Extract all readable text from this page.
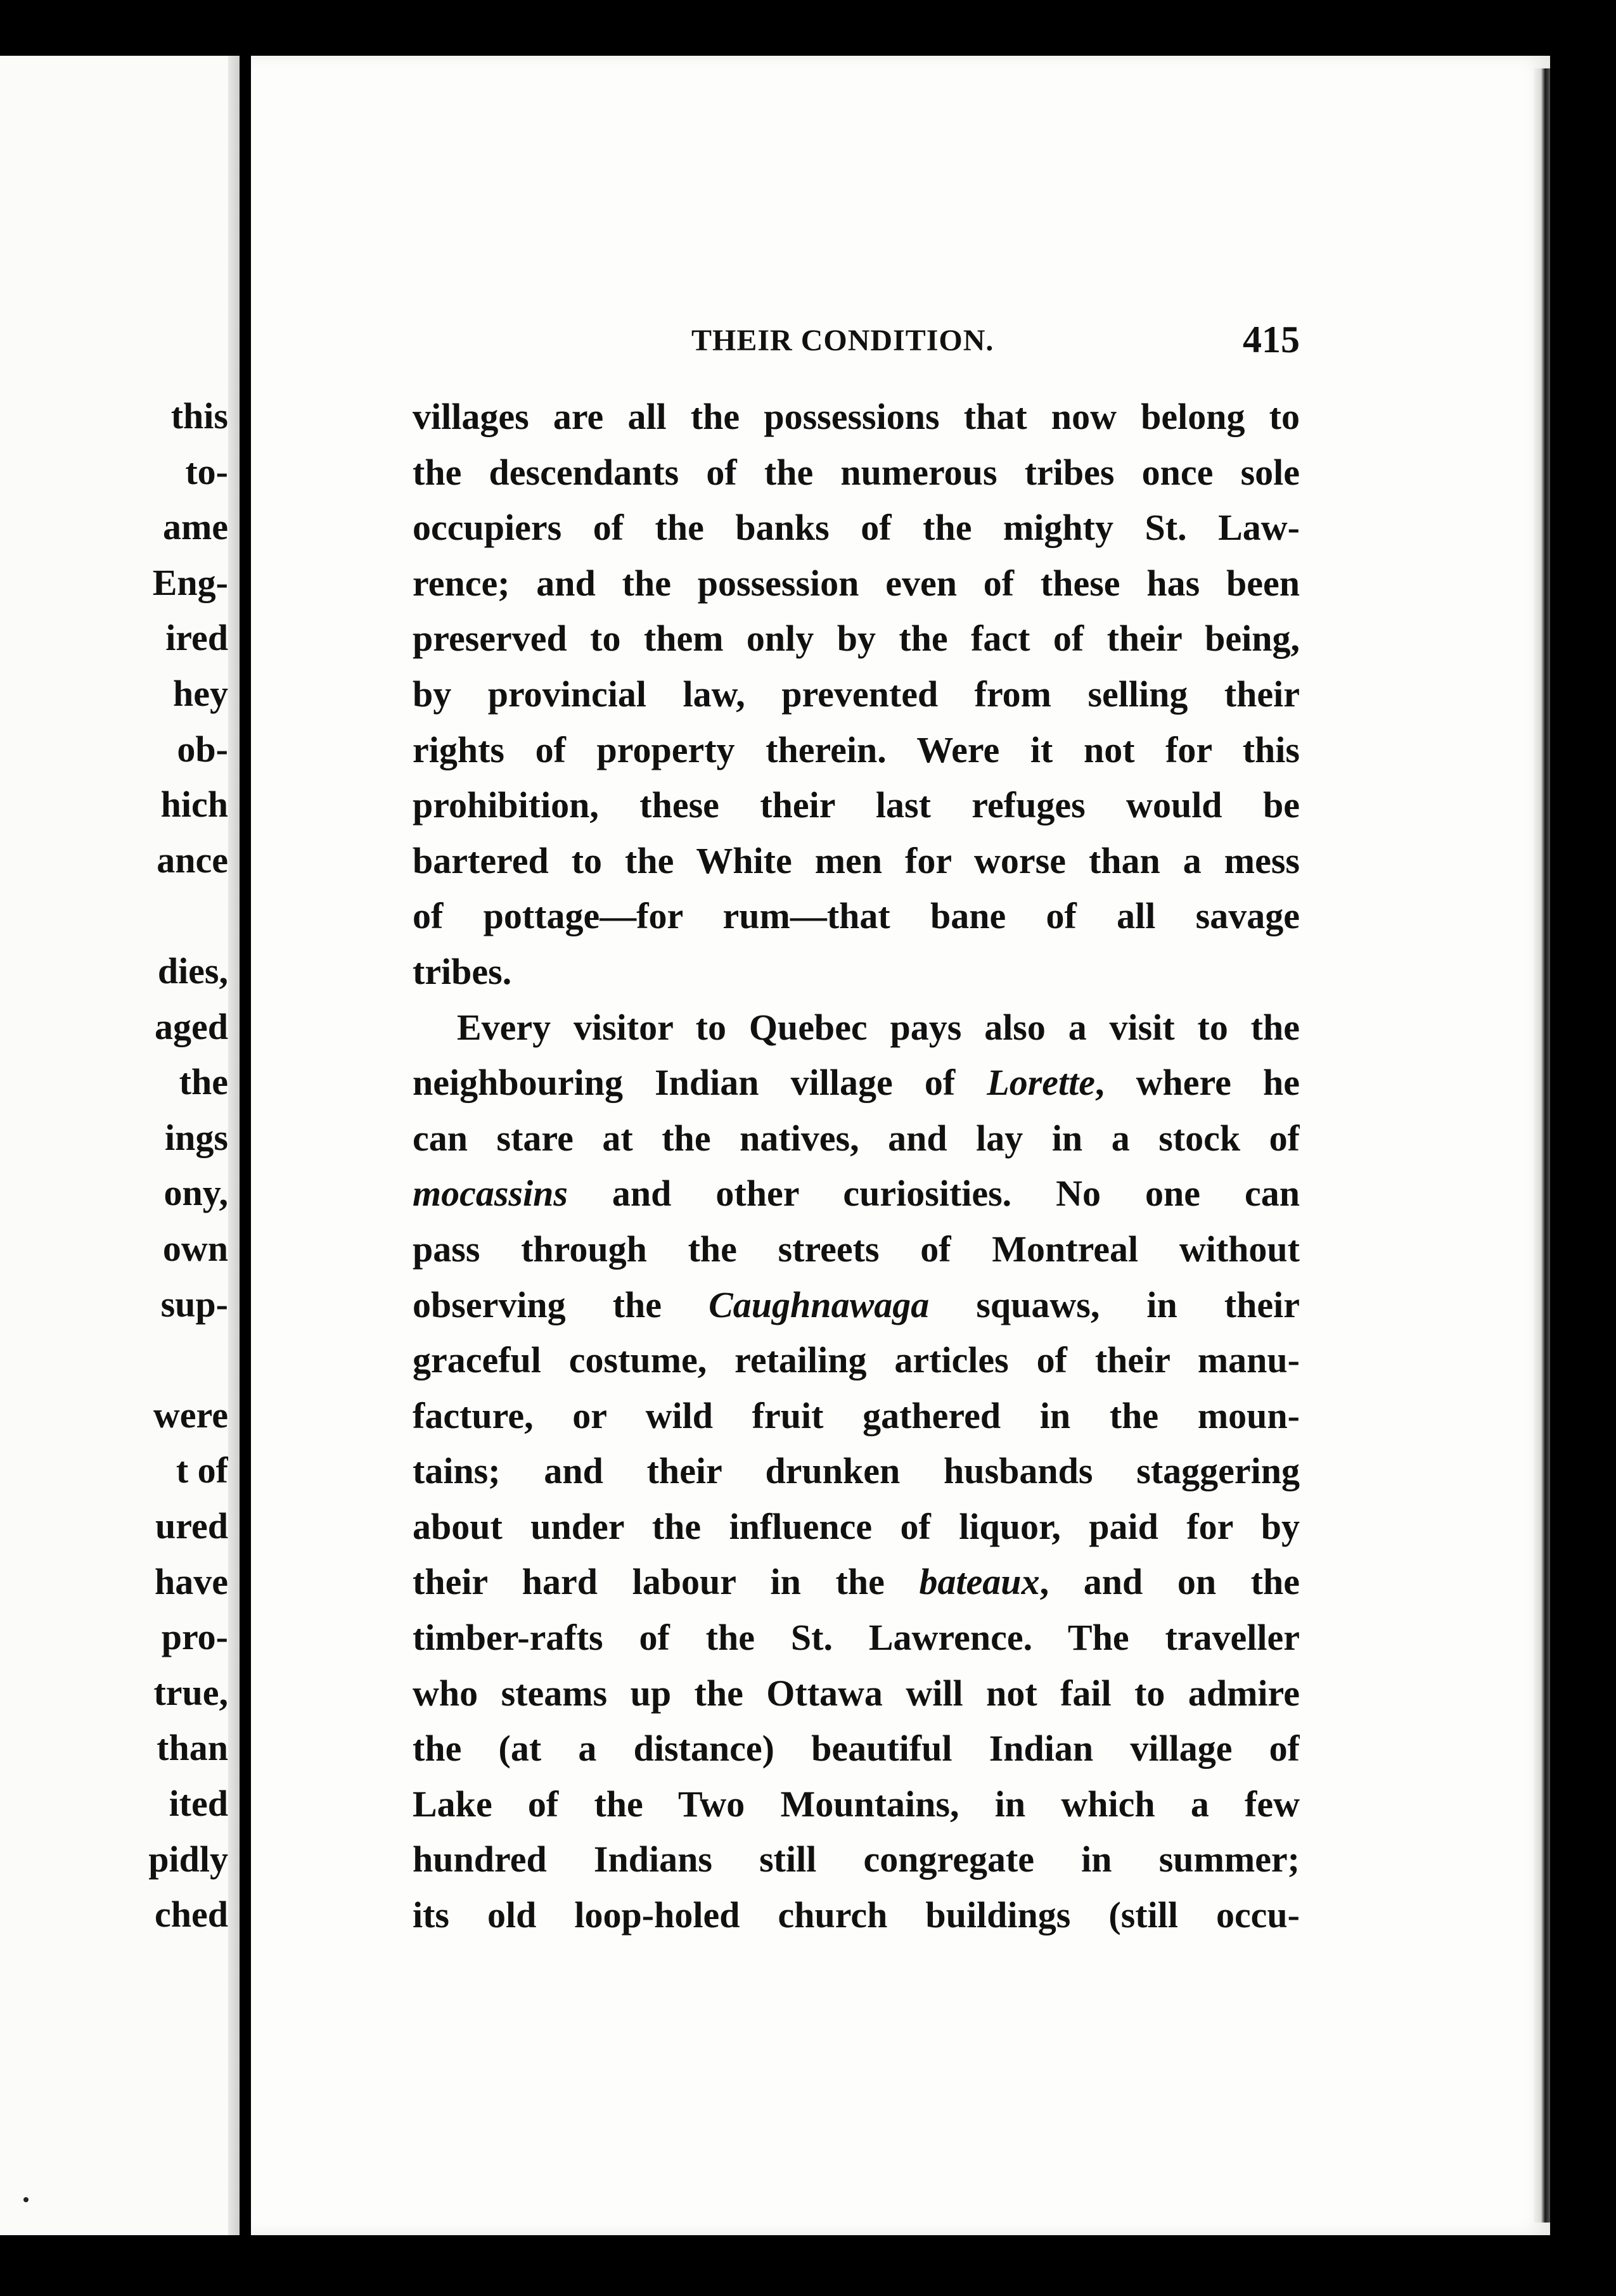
this
to-
ame
Eng-
ired
hey
ob-
hich
ance
dies,
aged
the
ings
ony,
own
sup-
were
t of
ured
have
pro-
true,
than
ited
pidly
ched
THEIR CONDITION.	415
villages are all the possessions that now belong to
the descendants of the numerous tribes once sole
occupiers of the banks of the mighty St. Law-
rence; and the possession even of these has been
preserved to them only by the fact of their being,
by provincial law, prevented from selling their
rights of property therein. Were it not for this
prohibition, these their last refuges would be
bartered to the White men for worse than a mess
of pottage—for rum—that bane of all savage
tribes.
Every visitor to Quebec pays also a visit to the
neighbouring Indian village of Lorette, where he
can stare at the natives, and lay in a stock of
mocassins and other curiosities. No one can
pass through the streets of Montreal without
observing the Caughnawaga squaws, in their
graceful costume, retailing articles of their manu-
facture, or wild fruit gathered in the moun-
tains; and their drunken husbands staggering
about under the influence of liquor, paid for by
their hard labour in the bateaux, and on the
timber-rafts of the St. Lawrence. The traveller
who steams up the Ottawa will not fail to admire
the (at a distance) beautiful Indian village of
Lake of the Two Mountains, in which a few
hundred Indians still congregate in summer;
its old loop-holed church buildings (still occu-
